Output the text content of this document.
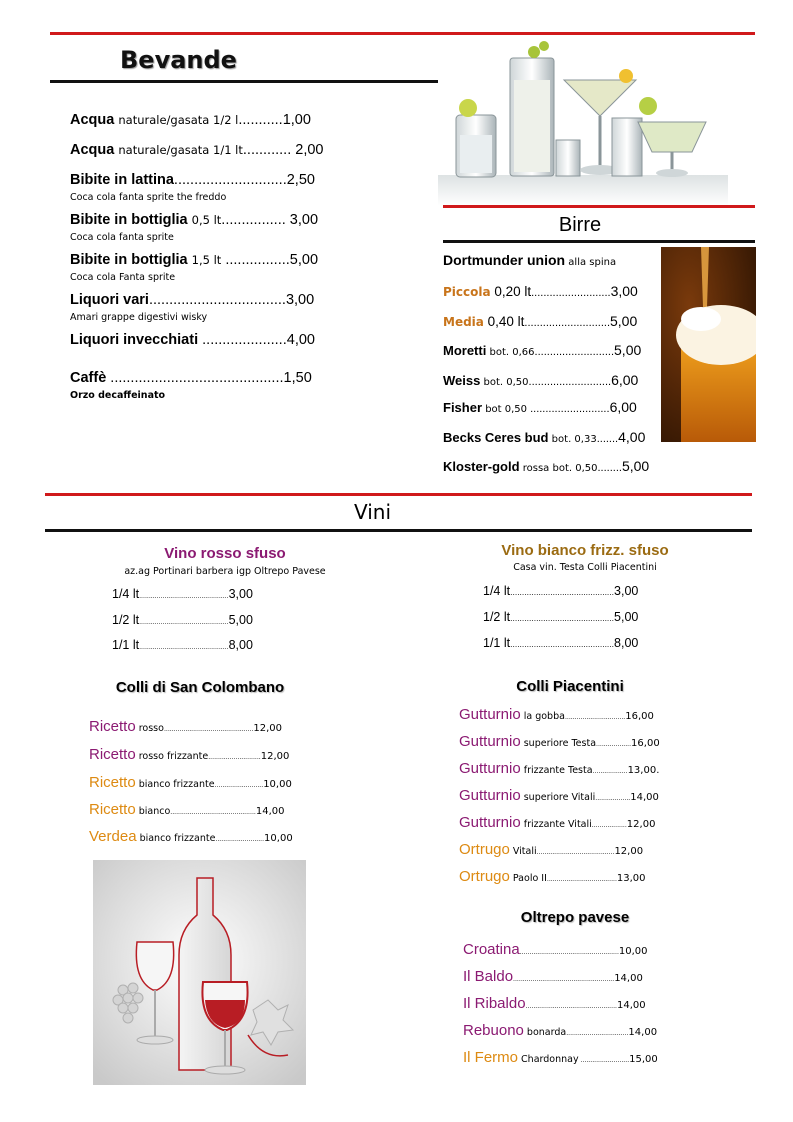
Bevande
Acqua naturale/gasata 1/2 l...........1,00
Acqua naturale/gasata 1/1 lt............ 2,00
Bibite in lattina............................2,50
Coca cola fanta sprite the freddo
Bibite in bottiglia 0,5 lt................ 3,00
Coca cola fanta sprite
Bibite in bottiglia 1,5 lt ................5,00
Coca cola Fanta sprite
Liquori vari..................................3,00
Amari grappe digestivi wisky
Liquori invecchiati .....................4,00
Caffè ...........................................1,50
Orzo decaffeinato
Birre
Dortmunder union alla spina
Piccola 0,20 lt..........................3,00
Media 0,40 lt............................5,00
Moretti bot. 0,66..........................5,00
Weiss bot. 0,50...........................6,00
Fisher bot 0,50 ..........................6,00
Becks Ceres bud bot. 0,33.......4,00
Kloster-gold rossa bot. 0,50........5,00
Vini
Vino rosso sfuso
az.ag Portinari barbera igp Oltrepo Pavese
1/4 lt..............................................3,00
1/2 lt..............................................5,00
1/1 lt..............................................8,00
Vino bianco frizz. sfuso
Casa vin. Testa Colli Piacentini
1/4 lt............................................3,00
1/2 lt............................................5,00
1/1 lt............................................8,00
Colli di San Colombano
Ricetto rosso..............................................12,00
Ricetto rosso frizzante...........................12,00
Ricetto bianco frizzante.........................10,00
Ricetto bianco............................................14,00
Verdea bianco frizzante.........................10,00
Colli Piacentini
Gutturnio la gobba...............................16,00
Gutturnio superiore Testa..................16,00
Gutturnio frizzante Testa..................13,00.
Gutturnio superiore Vitali..................14,00
Gutturnio frizzante Vitali..................12,00
Ortrugo Vitali........................................12,00
Ortrugo Paolo II....................................13,00
Oltrepo pavese
Croatina...................................................10,00
Il Baldo....................................................14,00
Il Ribaldo...............................................14,00
Rebuono bonarda................................14,00
Il Fermo Chardonnay .........................15,00
